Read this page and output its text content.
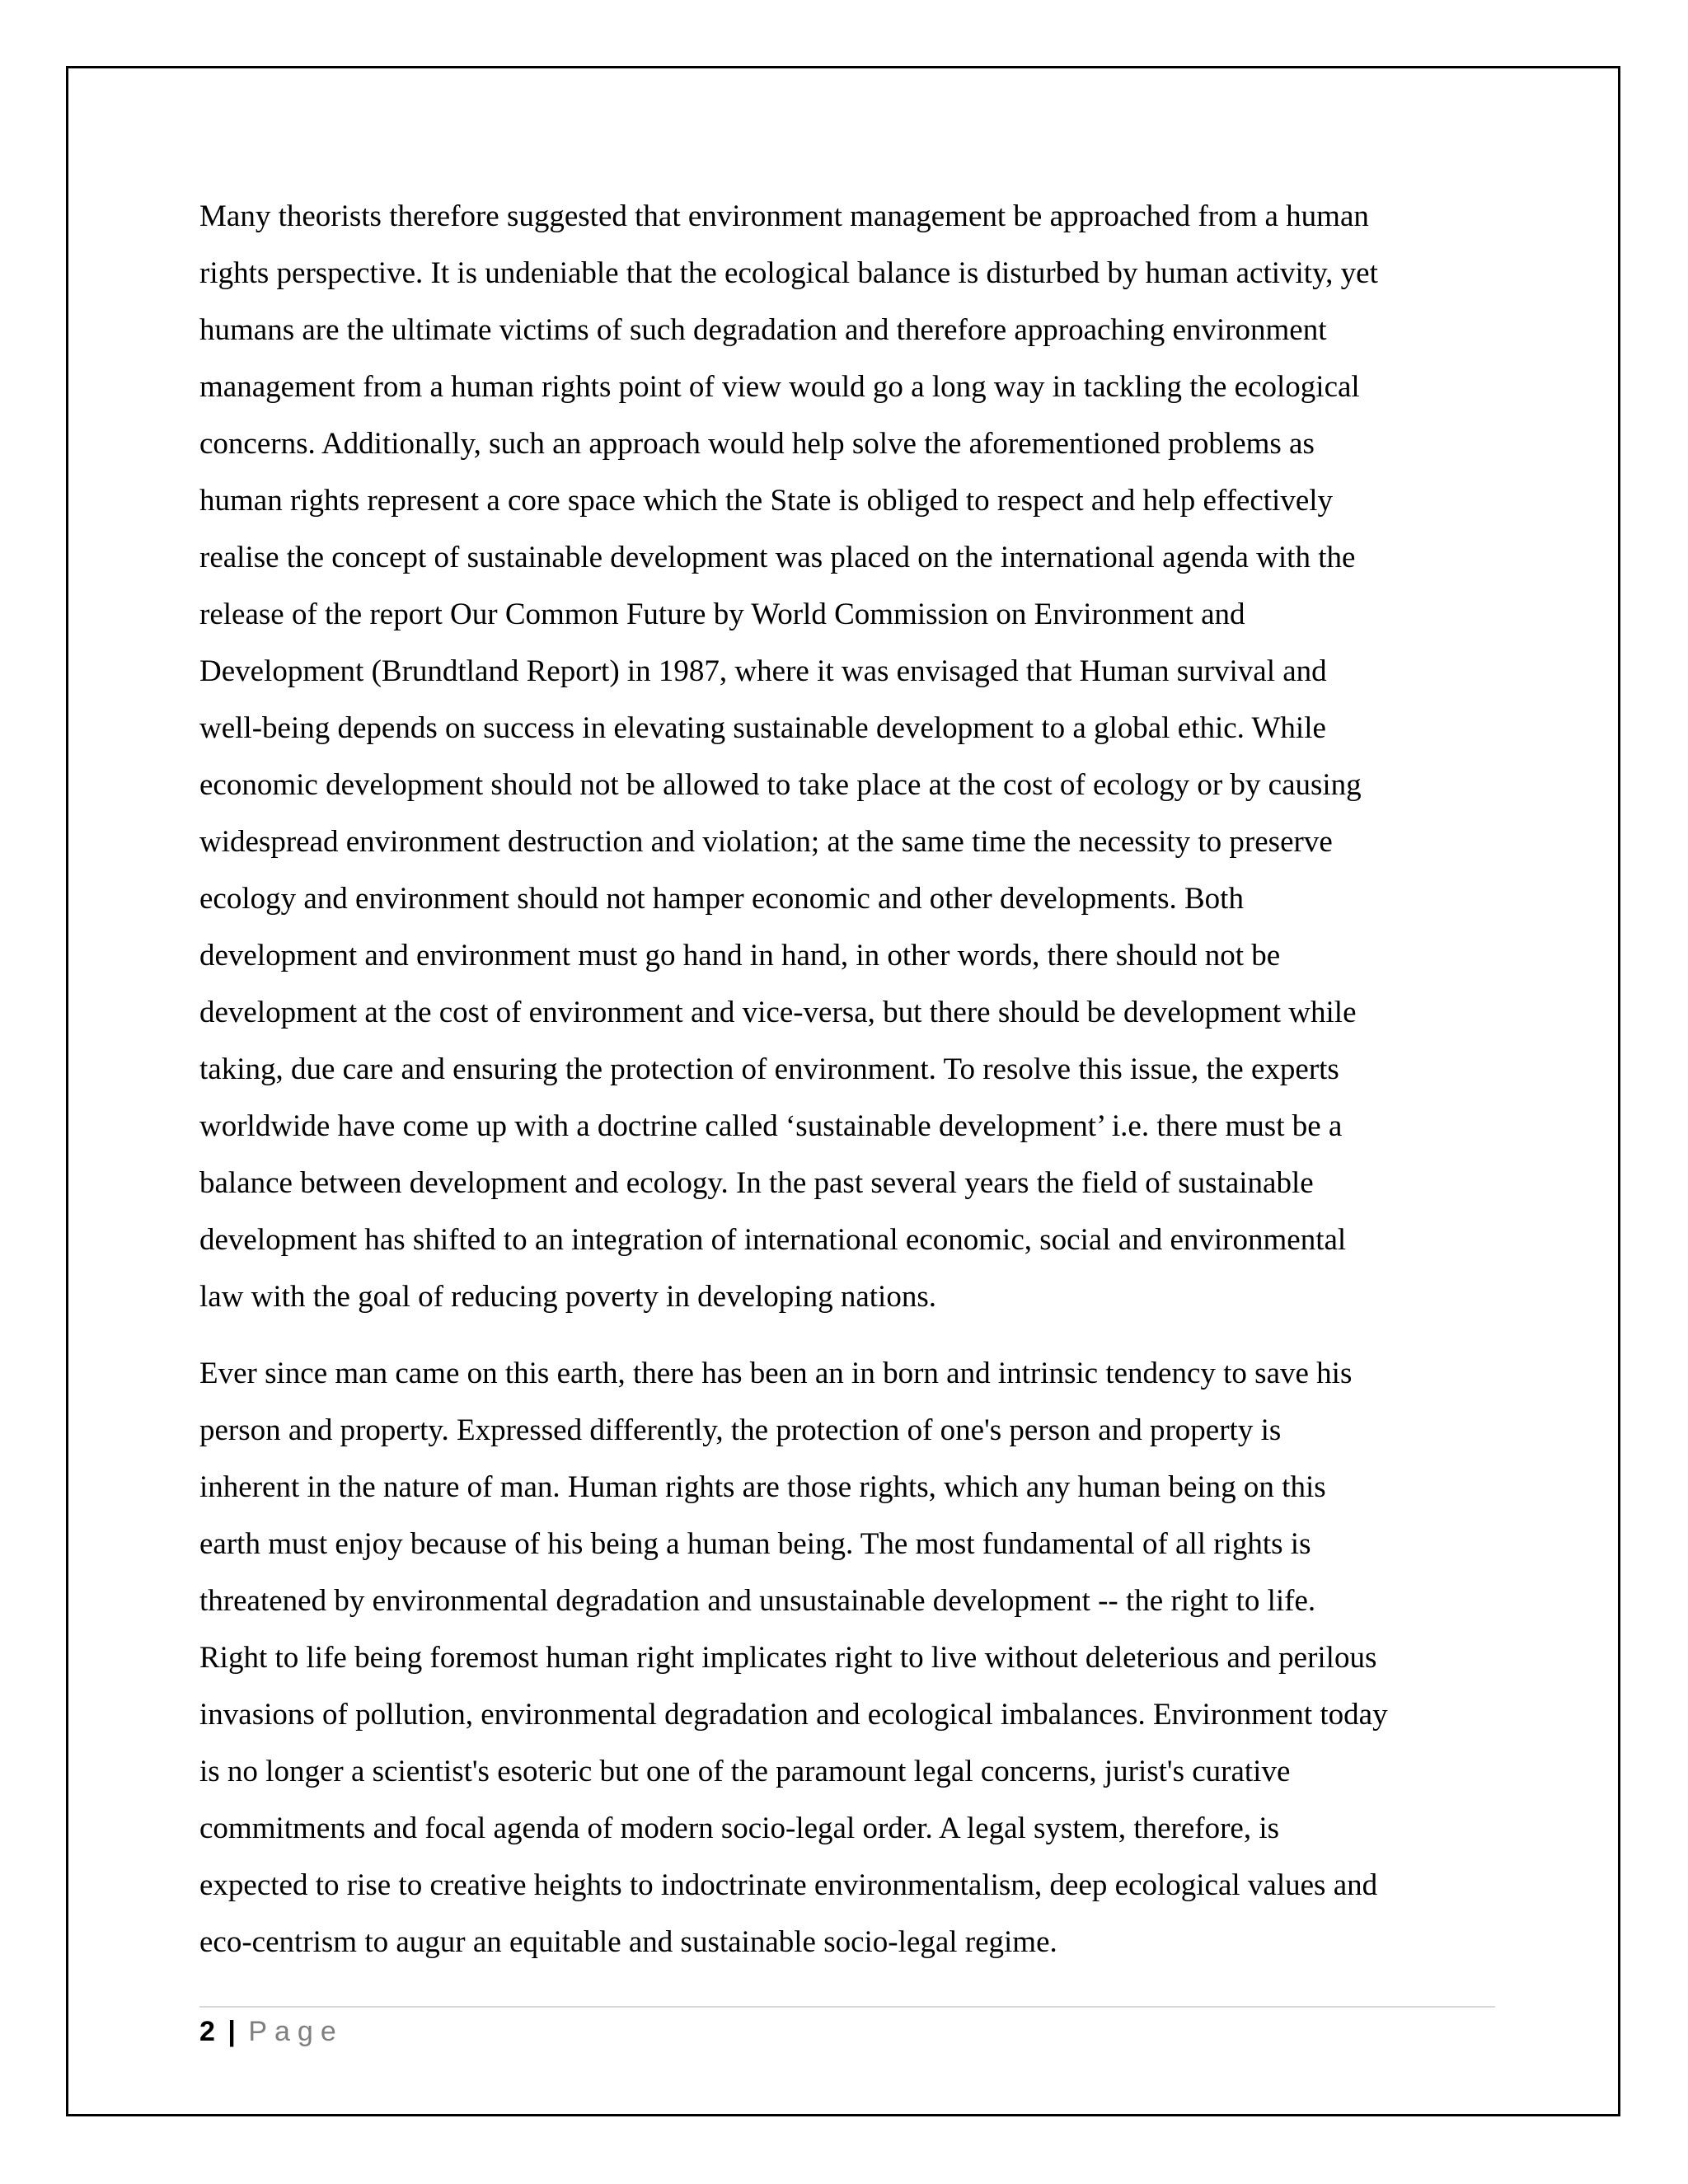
Many theorists therefore suggested that environment management be approached from a human
rights perspective. It is undeniable that the ecological balance is disturbed by human activity, yet
humans are the ultimate victims of such degradation and therefore approaching environment
management from a human rights point of view would go a long way in tackling the ecological
concerns. Additionally, such an approach would help solve the aforementioned problems as
human rights represent a core space which the State is obliged to respect and help effectively
realise the concept of sustainable development was placed on the international agenda with the
release of the report Our Common Future by World Commission on Environment and
Development (Brundtland Report) in 1987, where it was envisaged that Human survival and
well-being depends on success in elevating sustainable development to a global ethic. While
economic development should not be allowed to take place at the cost of ecology or by causing
widespread environment destruction and violation; at the same time the necessity to preserve
ecology and environment should not hamper economic and other developments. Both
development and environment must go hand in hand, in other words, there should not be
development at the cost of environment and vice-versa, but there should be development while
taking, due care and ensuring the protection of environment. To resolve this issue, the experts
worldwide have come up with a doctrine called ‘sustainable development’ i.e. there must be a
balance between development and ecology. In the past several years the field of sustainable
development has shifted to an integration of international economic, social and environmental
law with the goal of reducing poverty in developing nations.
Ever since man came on this earth, there has been an in born and intrinsic tendency to save his
person and property. Expressed differently, the protection of one's person and property is
inherent in the nature of man. Human rights are those rights, which any human being on this
earth must enjoy because of his being a human being. The most fundamental of all rights is
threatened by environmental degradation and unsustainable development -- the right to life.
Right to life being foremost human right implicates right to live without deleterious and perilous
invasions of pollution, environmental degradation and ecological imbalances. Environment today
is no longer a scientist's esoteric but one of the paramount legal concerns, jurist's curative
commitments and focal agenda of modern socio-legal order. A legal system, therefore, is
expected to rise to creative heights to indoctrinate environmentalism, deep ecological values and
eco-centrism to augur an equitable and sustainable socio-legal regime.
2 | Page
